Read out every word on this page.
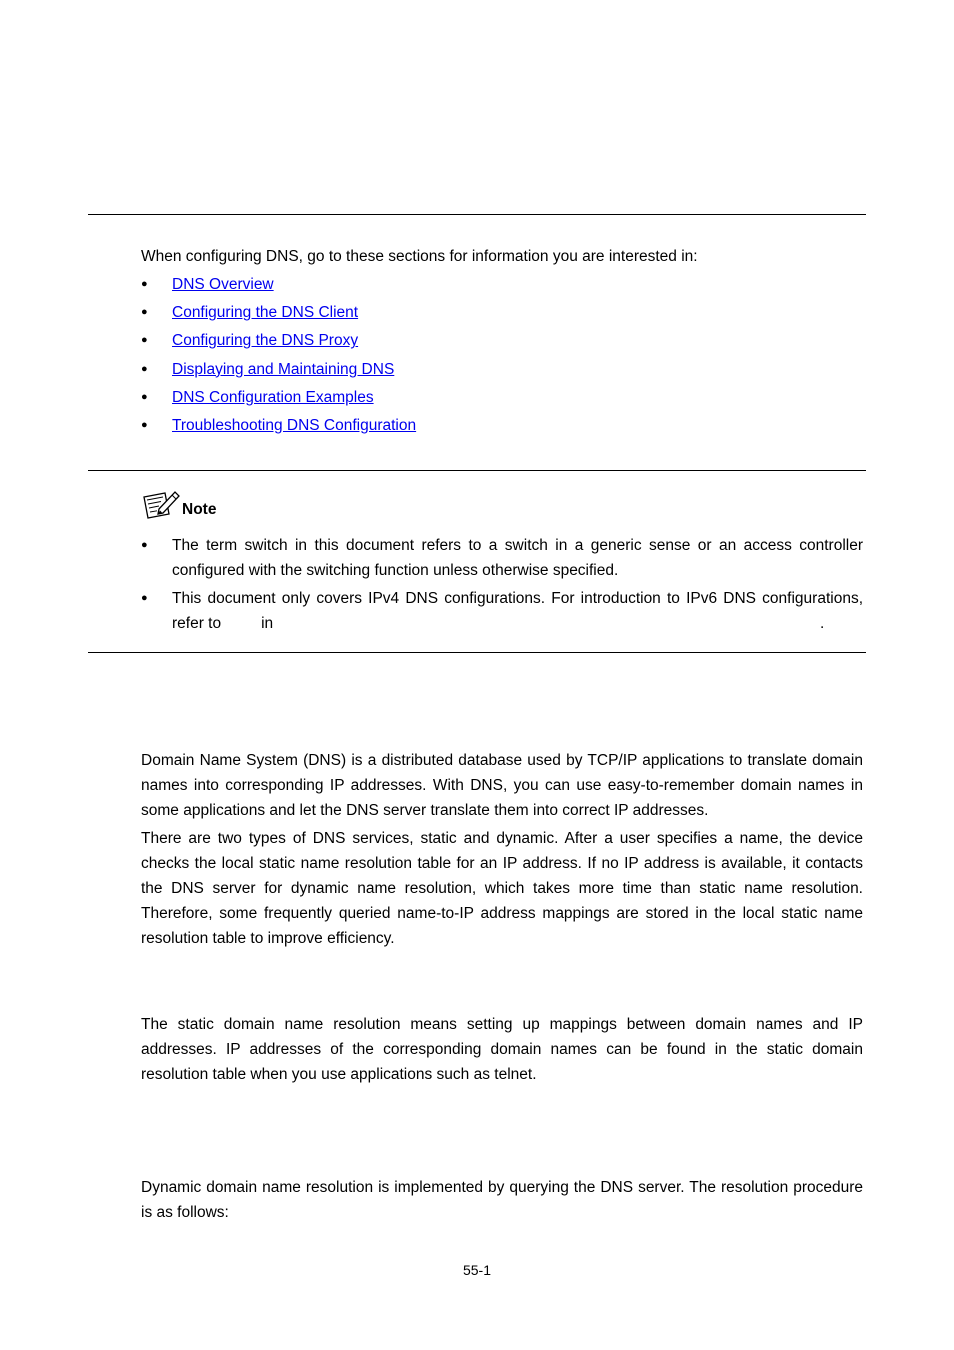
When configuring DNS, go to these sections for information you are interested in:
● DNS Overview
● Configuring the DNS Client
● Configuring the DNS Proxy
● Displaying and Maintaining DNS
● DNS Configuration Examples
● Troubleshooting DNS Configuration
Note
● The term switch in this document refers to a switch in a generic sense or an access controller configured with the switching function unless otherwise specified.
● This document only covers IPv4 DNS configurations. For introduction to IPv6 DNS configurations,
refer to	in	.
Domain Name System (DNS) is a distributed database used by TCP/IP applications to translate domain names into corresponding IP addresses. With DNS, you can use easy-to-remember domain names in some applications and let the DNS server translate them into correct IP addresses.
There are two types of DNS services, static and dynamic. After a user specifies a name, the device checks the local static name resolution table for an IP address. If no IP address is available, it contacts the DNS server for dynamic name resolution, which takes more time than static name resolution. Therefore, some frequently queried name-to-IP address mappings are stored in the local static name resolution table to improve efficiency.
The static domain name resolution means setting up mappings between domain names and IP addresses. IP addresses of the corresponding domain names can be found in the static domain resolution table when you use applications such as telnet.
Dynamic domain name resolution is implemented by querying the DNS server. The resolution procedure is as follows:
55-1
